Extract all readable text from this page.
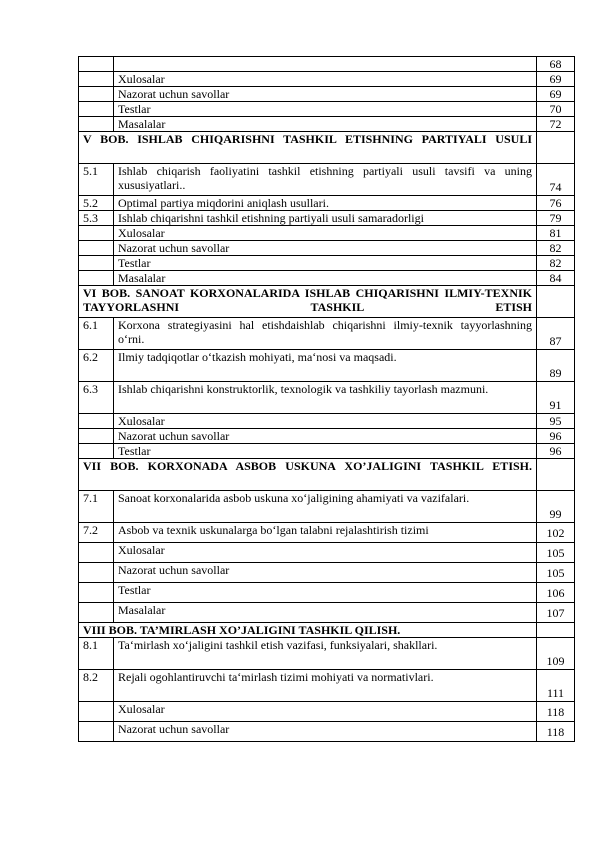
		68
	Xulosalar	69
	Nazorat uchun savollar	69
	Testlar	70
	Masalalar	72

V BOB. ISHLAB CHIQARISHNI TASHKIL ETISHNING PARTIYALI USULI		

5.1	Ishlab chiqarish faoliyatini tashkil etishning partiyali usuli tavsifi va uning xususiyatlari..	74
5.2	Optimal partiya miqdorini aniqlash usullari.	76
5.3	Ishlab chiqarishni tashkil etishning partiyali usuli samaradorligi	79
	Xulosalar	81
	Nazorat uchun savollar	82
	Testlar	82
	Masalalar	84

VI BOB. SANOAT KORXONALARIDA ISHLAB CHIQARISHNI ILMIY-TEXNIK TAYYORLASHNI TASHKIL ETISH		

6.1	Korxona strategiyasini hal etishdaishlab chiqarishni ilmiy-texnik tayyorlashning o‘rni.	87
6.2	Ilmiy tadqiqotlar o‘tkazish mohiyati, ma‘nosi va maqsadi.	89
6.3	Ishlab chiqarishni konstruktorlik, texnologik va tashkiliy tayorlash mazmuni.	91
	Xulosalar	95
	Nazorat uchun savollar	96
	Testlar	96

VII BOB. KORXONADA ASBOB USKUNA XO’JALIGINI TASHKIL ETISH.		

7.1	Sanoat korxonalarida asbob uskuna xo‘jaligining ahamiyati va vazifalari.	99
7.2	Asbob va texnik uskunalarga bo‘lgan talabni rejalashtirish tizimi	102
	Xulosalar	105
	Nazorat uchun savollar	105
	Testlar	106
	Masalalar	107
VIII BOB. TA’MIRLASH XO’JALIGINI TASHKIL QILISH.		
8.1	Ta‘mirlash xo‘jaligini tashkil etish vazifasi, funksiyalari, shakllari.	109
8.2	Rejali ogohlantiruvchi ta‘mirlash tizimi mohiyati va normativlari.	111
	Xulosalar	118
	Nazorat uchun savollar	118
